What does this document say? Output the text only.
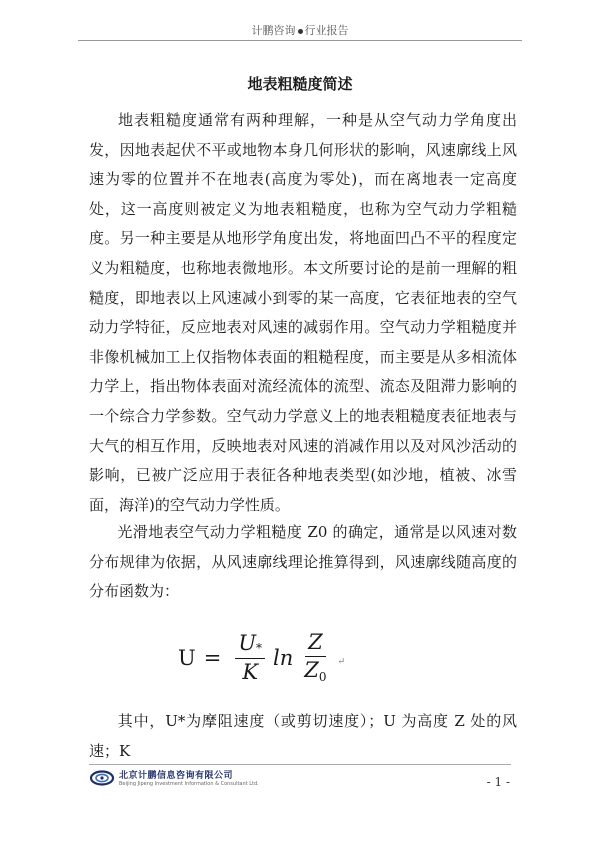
计鹏咨询 行业报告
地表粗糙度简述

地表粗糙度通常有两种理解，一种是从空气动力学角度出发，因地表起伏不平或地物本身几何形状的影响，风速廓线上风速为零的位置并不在地表(高度为零处)，而在离地表一定高度处，这一高度则被定义为地表粗糙度，也称为空气动力学粗糙度。另一种主要是从地形学角度出发，将地面凹凸不平的程度定义为粗糙度，也称地表微地形。本文所要讨论的是前一理解的粗糙度，即地表以上风速减小到零的某一高度，它表征地表的空气动力学特征，反应地表对风速的减弱作用。空气动力学粗糙度并非像机械加工上仅指物体表面的粗糙程度，而主要是从多相流体力学上，指出物体表面对流经流体的流型、流态及阻滞力影响的一个综合力学参数。空气动力学意义上的地表粗糙度表征地表与大气的相互作用，反映地表对风速的消减作用以及对风沙活动的影响，已被广泛应用于表征各种地表类型(如沙地，植被、冰雪面，海洋)的空气动力学性质。

光滑地表空气动力学粗糙度 Z0 的确定，通常是以风速对数分布规律为依据，从风速廓线理论推算得到，风速廓线随高度的分布函数为：

$U = \frac{U*}{K}$ $\ln \frac{Z}{Z_0}$ ↵

其中，U*为摩阻速度（或剪切速度）；U 为高度 Z 处的风速；K

北京计鹏信息咨询有限公司
Beijing Jipeng Investment Information & Consultant Ltd.	- 1 -
